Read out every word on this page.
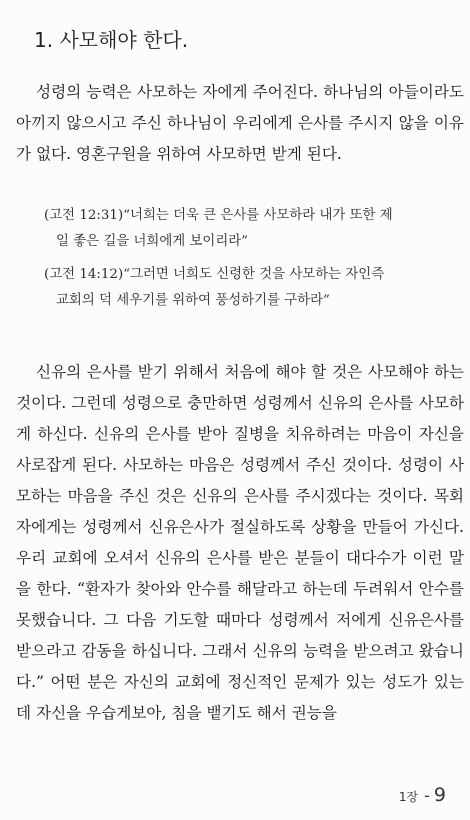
1. 사모해야 한다.

성령의 능력은 사모하는 자에게 주어진다. 하나님의 아들이라도 아끼지 않으시고 주신 하나님이 우리에게 은사를 주시지 않을 이유가 없다. 영혼구원을 위하여 사모하면 받게 된다.

(고전 12:31)“너희는 더욱 큰 은사를 사모하라 내가 또한 제
일 좋은 길을 너희에게 보이리라”

(고전 14:12)“그러면 너희도 신령한 것을 사모하는 자인즉
교회의 덕 세우기를 위하여 풍성하기를 구하라”

신유의 은사를 받기 위해서 처음에 해야 할 것은 사모해야 하는 것이다. 그런데 성령으로 충만하면 성령께서 신유의 은사를 사모하게 하신다. 신유의 은사를 받아 질병을 치유하려는 마음이 자신을 사로잡게 된다. 사모하는 마음은 성령께서 주신 것이다. 성령이 사모하는 마음을 주신 것은 신유의 은사를 주시겠다는 것이다. 목회자에게는 성령께서 신유은사가 절실하도록 상황을 만들어 가신다. 우리 교회에 오셔서 신유의 은사를 받은 분들이 대다수가 이런 말을 한다. “환자가 찾아와 안수를 해달라고 하는데 두려워서 안수를 못했습니다. 그 다음 기도할 때마다 성령께서 저에게 신유은사를 받으라고 감동을 하십니다. 그래서 신유의 능력을 받으려고 왔습니다.” 어떤 분은 자신의 교회에 정신적인 문제가 있는 성도가 있는데 자신을 우습게보아, 침을 뱉기도 해서 권능을

1장 - 9
